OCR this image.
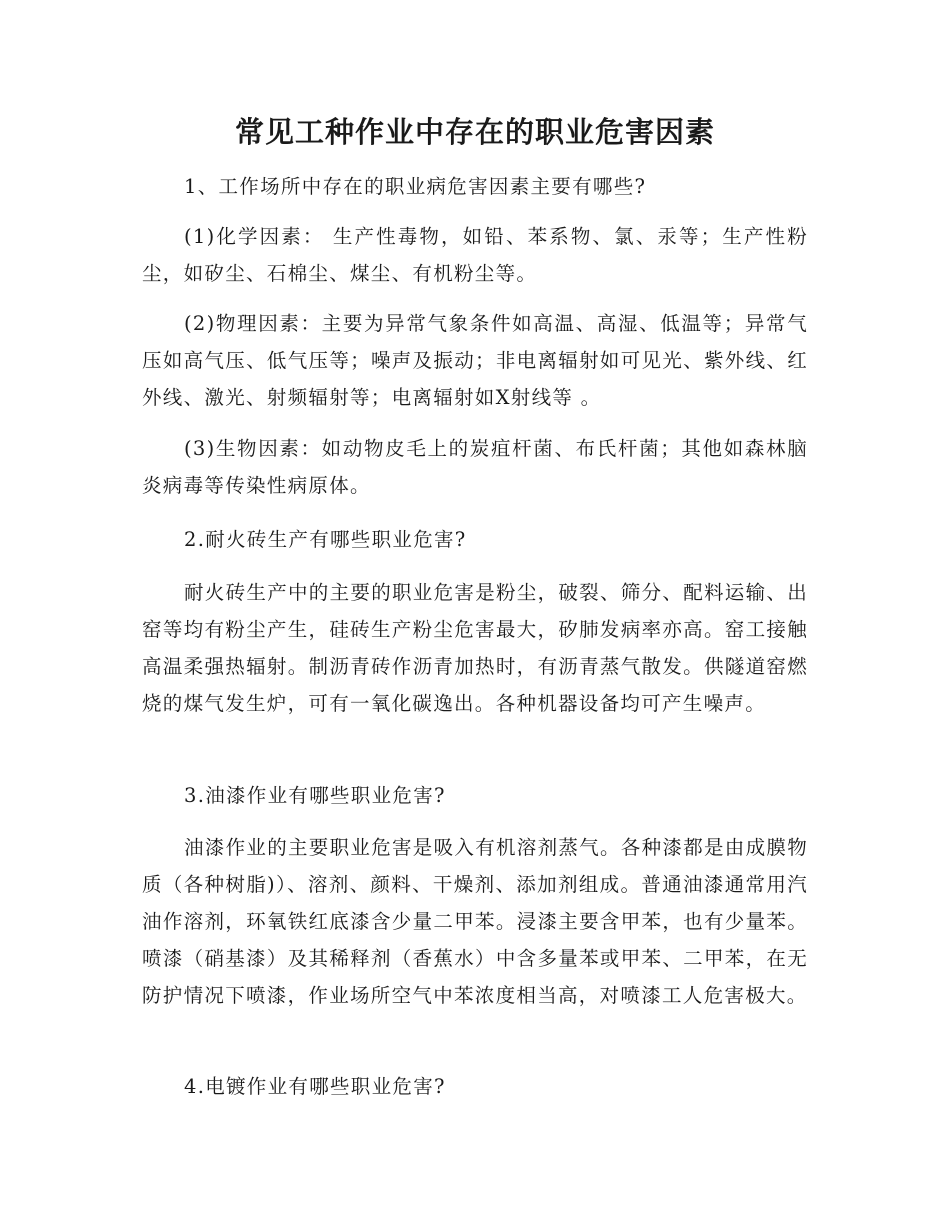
常见工种作业中存在的职业危害因素

1、工作场所中存在的职业病危害因素主要有哪些?

(1)化学因素： 生产性毒物，如铅、苯系物、氯、汞等；生产性粉尘，如矽尘、石棉尘、煤尘、有机粉尘等。

(2)物理因素：主要为异常气象条件如高温、高湿、低温等；异常气压如高气压、低气压等；噪声及振动；非电离辐射如可见光、紫外线、红外线、激光、射频辐射等；电离辐射如X射线等 。

(3)生物因素：如动物皮毛上的炭疽杆菌、布氏杆菌；其他如森林脑炎病毒等传染性病原体。

2.耐火砖生产有哪些职业危害?

耐火砖生产中的主要的职业危害是粉尘，破裂、筛分、配料运输、出窑等均有粉尘产生，硅砖生产粉尘危害最大，矽肺发病率亦高。窑工接触高温柔强热辐射。制沥青砖作沥青加热时，有沥青蒸气散发。供隧道窑燃烧的煤气发生炉，可有一氧化碳逸出。各种机器设备均可产生噪声。

3.油漆作业有哪些职业危害?

油漆作业的主要职业危害是吸入有机溶剂蒸气。各种漆都是由成膜物质（各种树脂)）、溶剂、颜料、干燥剂、添加剂组成。普通油漆通常用汽油作溶剂，环氧铁红底漆含少量二甲苯。浸漆主要含甲苯，也有少量苯。喷漆（硝基漆）及其稀释剂（香蕉水）中含多量苯或甲苯、二甲苯，在无防护情况下喷漆，作业场所空气中苯浓度相当高，对喷漆工人危害极大。

4.电镀作业有哪些职业危害?
